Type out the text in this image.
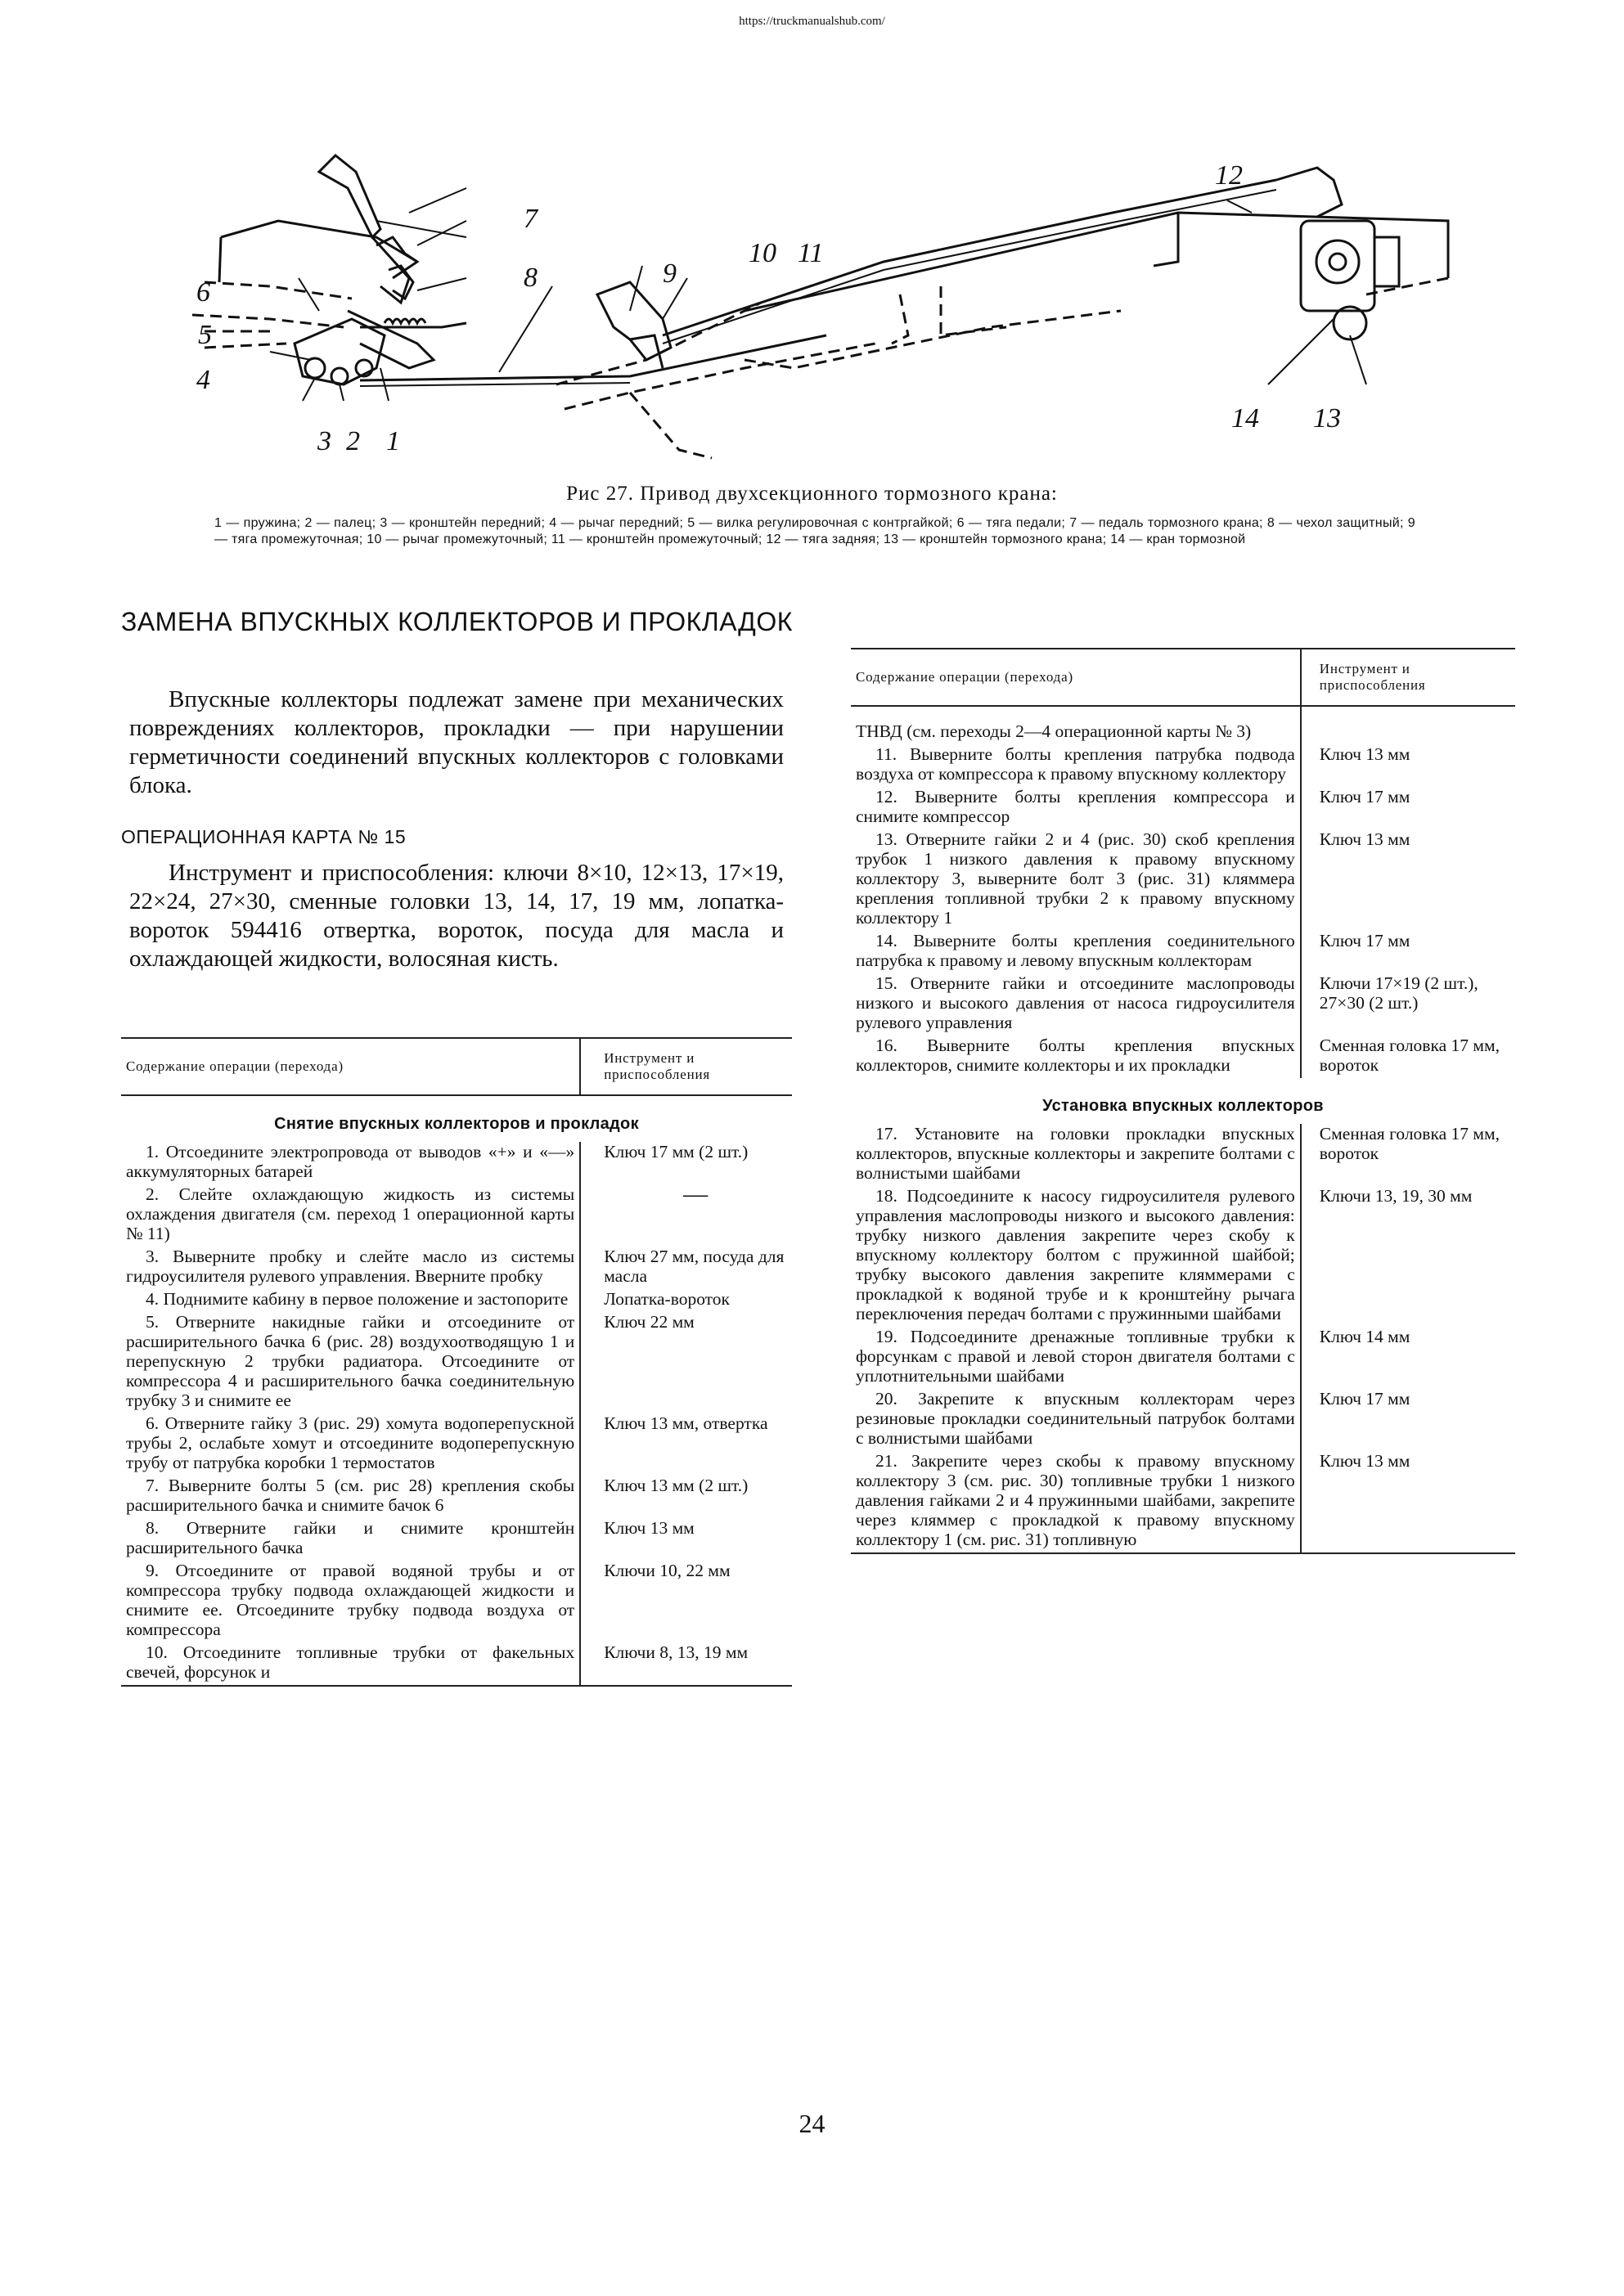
https://truckmanualshub.com/
1
2
3
4
5
6
7
8	9
10 11
12
13
14
Рис 27. Привод двухсекционного тормозного крана:
1 — пружина; 2 — палец; 3 — кронштейн передний; 4 — рычаг передний; 5 — вилка регулировочная с контргайкой; 6 — тяга педали; 7 — педаль тормозного крана; 8 — чехол защитный; 9 — тяга промежуточная; 10 — рычаг промежуточный; 11 — кронштейн промежуточный; 12 — тяга задняя; 13 — кронштейн тормозного крана; 14 — кран тормозной
ЗАМЕНА ВПУСКНЫХ КОЛЛЕКТОРОВ И ПРОКЛАДОК
Впускные коллекторы подлежат замене при механических повреждениях коллекторов, прокладки — при нарушении герметичности соединений впускных коллекторов с головками блока.
ОПЕРАЦИОННАЯ КАРТА № 15
Инструмент и приспособления: ключи 8×10, 12×13, 17×19, 22×24, 27×30, сменные головки 13, 14, 17, 19 мм, лопатка-вороток 594416 отвертка, вороток, посуда для масла и охлаждающей жидкости, волосяная кисть.
Содержание операции (перехода)	Инструмент и приспособления
Снятие впускных коллекторов и прокладок	

1. Отсоедините электропровода от выводов «+» и «—» аккумуляторных батарей	Ключ 17 мм (2 шт.)

2. Слейте охлаждающую жидкость из системы охлаждения двигателя (см. переход 1 операционной карты № 11)	—

3. Выверните пробку и слейте масло из системы гидроусилителя рулевого управления. Вверните пробку	Ключ 27 мм, посуда для масла

4. Поднимите кабину в первое положение и застопорите	Лопатка-вороток

5. Отверните накидные гайки и отсоедините от расширительного бачка 6 (рис. 28) воздухоотводящую 1 и перепускную 2 трубки радиатора. Отсоедините от компрессора 4 и расширительного бачка соединительную трубку 3 и снимите ее	Ключ 22 мм

6. Отверните гайку 3 (рис. 29) хомута водоперепускной трубы 2, ослабьте хомут и отсоедините водоперепускную трубу от патрубка коробки 1 термостатов	Ключ 13 мм, отвертка

7. Выверните болты 5 (см. рис 28) крепления скобы расширительного бачка и снимите бачок 6	Ключ 13 мм (2 шт.)

8. Отверните гайки и снимите кронштейн расширительного бачка	Ключ 13 мм

9. Отсоедините от правой водяной трубы и от компрессора трубку подвода охлаждающей жидкости и снимите ее. Отсоедините трубку подвода воздуха от компрессора	Ключи 10, 22 мм

10. Отсоедините топливные трубки от факельных свечей, форсунок и	Ключи 8, 13, 19 мм
Содержание операции (перехода)	Инструмент и приспособления
ТНВД (см. переходы 2—4 операционной карты № 3)	

11. Выверните болты крепления патрубка подвода воздуха от компрессора к правому впускному коллектору	Ключ 13 мм

12. Выверните болты крепления компрессора и снимите компрессор	Ключ 17 мм

13. Отверните гайки 2 и 4 (рис. 30) скоб крепления трубок 1 низкого давления к правому впускному коллектору 3, выверните болт 3 (рис. 31) кляммера крепления топливной трубки 2 к правому впускному коллектору 1	Ключ 13 мм

14. Выверните болты крепления соединительного патрубка к правому и левому впускным коллекторам	Ключ 17 мм

15. Отверните гайки и отсоедините маслопроводы низкого и высокого давления от насоса гидроусилителя рулевого управления	Ключи 17×19 (2 шт.), 27×30 (2 шт.)

16. Выверните болты крепления впускных коллекторов, снимите коллекторы и их прокладки	Сменная головка 17 мм, вороток
Установка впускных коллекторов	

17. Установите на головки прокладки впускных коллекторов, впускные коллекторы и закрепите болтами с волнистыми шайбами	Сменная головка 17 мм, вороток

18. Подсоедините к насосу гидроусилителя рулевого управления маслопроводы низкого и высокого давления: трубку низкого давления закрепите через скобу к впускному коллектору болтом с пружинной шайбой; трубку высокого давления закрепите кляммерами с прокладкой к водяной трубе и к кронштейну рычага переключения передач болтами с пружинными шайбами	Ключи 13, 19, 30 мм

19. Подсоедините дренажные топливные трубки к форсункам с правой и левой сторон двигателя болтами с уплотнительными шайбами	Ключ 14 мм

20. Закрепите к впускным коллекторам через резиновые прокладки соединительный патрубок болтами с волнистыми шайбами	Ключ 17 мм

21. Закрепите через скобы к правому впускному коллектору 3 (см. рис. 30) топливные трубки 1 низкого давления гайками 2 и 4 пружинными шайбами, закрепите через кляммер с прокладкой к правому впускному коллектору 1 (см. рис. 31) топливную	Ключ 13 мм
24
